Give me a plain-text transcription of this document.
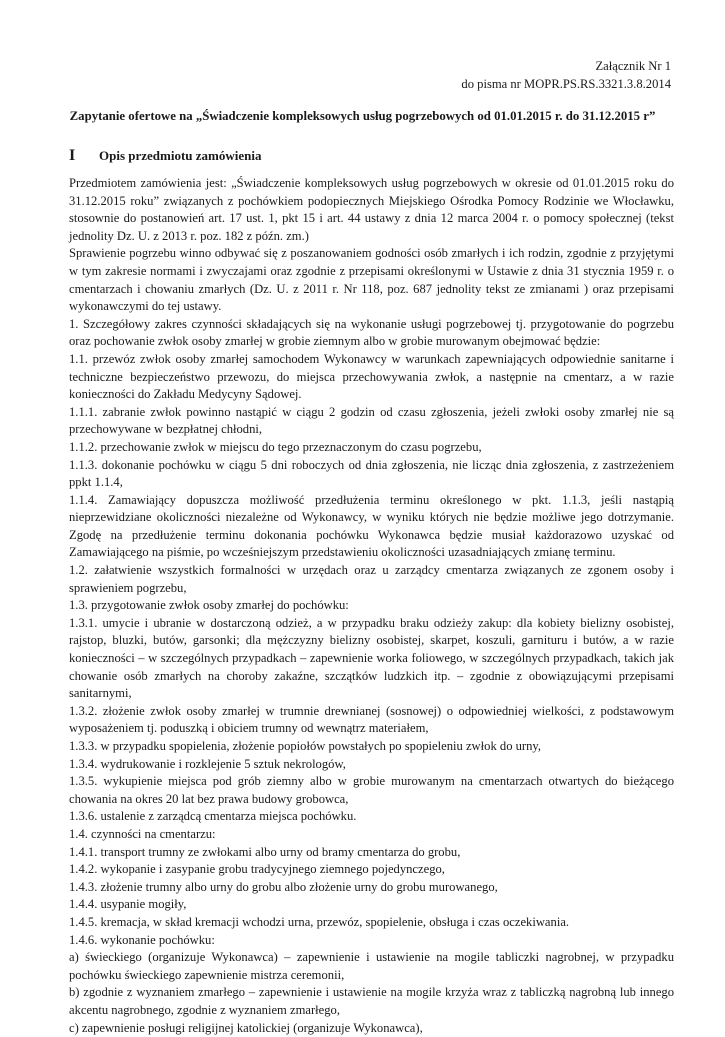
Załącznik Nr 1
do pisma nr MOPR.PS.RS.3321.3.8.2014
Zapytanie ofertowe na „Świadczenie kompleksowych usług pogrzebowych od 01.01.2015 r. do 31.12.2015 r”
I Opis przedmiotu zamówienia

Przedmiotem zamówienia jest: „Świadczenie kompleksowych usług pogrzebowych w okresie od 01.01.2015 roku do 31.12.2015 roku” związanych z pochówkiem podopiecznych Miejskiego Ośrodka Pomocy Rodzinie we Włocławku, stosownie do postanowień art. 17 ust. 1, pkt 15 i art. 44 ustawy z dnia 12 marca 2004 r. o pomocy społecznej (tekst jednolity Dz. U. z 2013 r. poz. 182 z późn. zm.)

Sprawienie pogrzebu winno odbywać się z poszanowaniem godności osób zmarłych i ich rodzin, zgodnie z przyjętymi w tym zakresie normami i zwyczajami oraz zgodnie z przepisami określonymi w Ustawie z dnia 31 stycznia 1959 r. o cmentarzach i chowaniu zmarłych (Dz. U. z 2011 r. Nr 118, poz. 687 jednolity tekst ze zmianami ) oraz przepisami wykonawczymi do tej ustawy.

1. Szczegółowy zakres czynności składających się na wykonanie usługi pogrzebowej tj. przygotowanie do pogrzebu oraz pochowanie zwłok osoby zmarłej w grobie ziemnym albo w grobie murowanym obejmować będzie:

1.1. przewóz zwłok osoby zmarłej samochodem Wykonawcy w warunkach zapewniających odpowiednie sanitarne i techniczne bezpieczeństwo przewozu, do miejsca przechowywania zwłok, a następnie na cmentarz, a w razie konieczności do Zakładu Medycyny Sądowej.

1.1.1. zabranie zwłok powinno nastąpić w ciągu 2 godzin od czasu zgłoszenia, jeżeli zwłoki osoby zmarłej nie są przechowywane w bezpłatnej chłodni,

1.1.2. przechowanie zwłok w miejscu do tego przeznaczonym do czasu pogrzebu,

1.1.3. dokonanie pochówku w ciągu 5 dni roboczych od dnia zgłoszenia, nie licząc dnia zgłoszenia, z zastrzeżeniem ppkt 1.1.4,

1.1.4. Zamawiający dopuszcza możliwość przedłużenia terminu określonego w pkt. 1.1.3, jeśli nastąpią nieprzewidziane okoliczności niezależne od Wykonawcy, w wyniku których nie będzie możliwe jego dotrzymanie. Zgodę na przedłużenie terminu dokonania pochówku Wykonawca będzie musiał każdorazowo uzyskać od Zamawiającego na piśmie, po wcześniejszym przedstawieniu okoliczności uzasadniających zmianę terminu.

1.2. załatwienie wszystkich formalności w urzędach oraz u zarządcy cmentarza związanych ze zgonem osoby i sprawieniem pogrzebu,

1.3. przygotowanie zwłok osoby zmarłej do pochówku:

1.3.1. umycie i ubranie w dostarczoną odzież, a w przypadku braku odzieży zakup: dla kobiety bielizny osobistej, rajstop, bluzki, butów, garsonki; dla mężczyzny bielizny osobistej, skarpet, koszuli, garnituru i butów, a w razie konieczności – w szczególnych przypadkach – zapewnienie worka foliowego, w szczególnych przypadkach, takich jak chowanie osób zmarłych na choroby zakaźne, szczątków ludzkich itp. – zgodnie z obowiązującymi przepisami sanitarnymi,

1.3.2. złożenie zwłok osoby zmarłej w trumnie drewnianej (sosnowej) o odpowiedniej wielkości, z podstawowym wyposażeniem tj. poduszką i obiciem trumny od wewnątrz materiałem,

1.3.3. w przypadku spopielenia, złożenie popiołów powstałych po spopieleniu zwłok do urny,

1.3.4. wydrukowanie i rozklejenie 5 sztuk nekrologów,

1.3.5. wykupienie miejsca pod grób ziemny albo w grobie murowanym na cmentarzach otwartych do bieżącego chowania na okres 20 lat bez prawa budowy grobowca,

1.3.6. ustalenie z zarządcą cmentarza miejsca pochówku.

1.4. czynności na cmentarzu:

1.4.1. transport trumny ze zwłokami albo urny od bramy cmentarza do grobu,

1.4.2. wykopanie i zasypanie grobu tradycyjnego ziemnego pojedynczego,

1.4.3. złożenie trumny albo urny do grobu albo złożenie urny do grobu murowanego,

1.4.4. usypanie mogiły,

1.4.5. kremacja, w skład kremacji wchodzi urna, przewóz, spopielenie, obsługa i czas oczekiwania.

1.4.6. wykonanie pochówku:

a) świeckiego (organizuje Wykonawca) – zapewnienie i ustawienie na mogile tabliczki nagrobnej, w przypadku pochówku świeckiego zapewnienie mistrza ceremonii,

b) zgodnie z wyznaniem zmarłego – zapewnienie i ustawienie na mogile krzyża wraz z tabliczką nagrobną lub innego akcentu nagrobnego, zgodnie z wyznaniem zmarłego,

c) zapewnienie posługi religijnej katolickiej (organizuje Wykonawca),
